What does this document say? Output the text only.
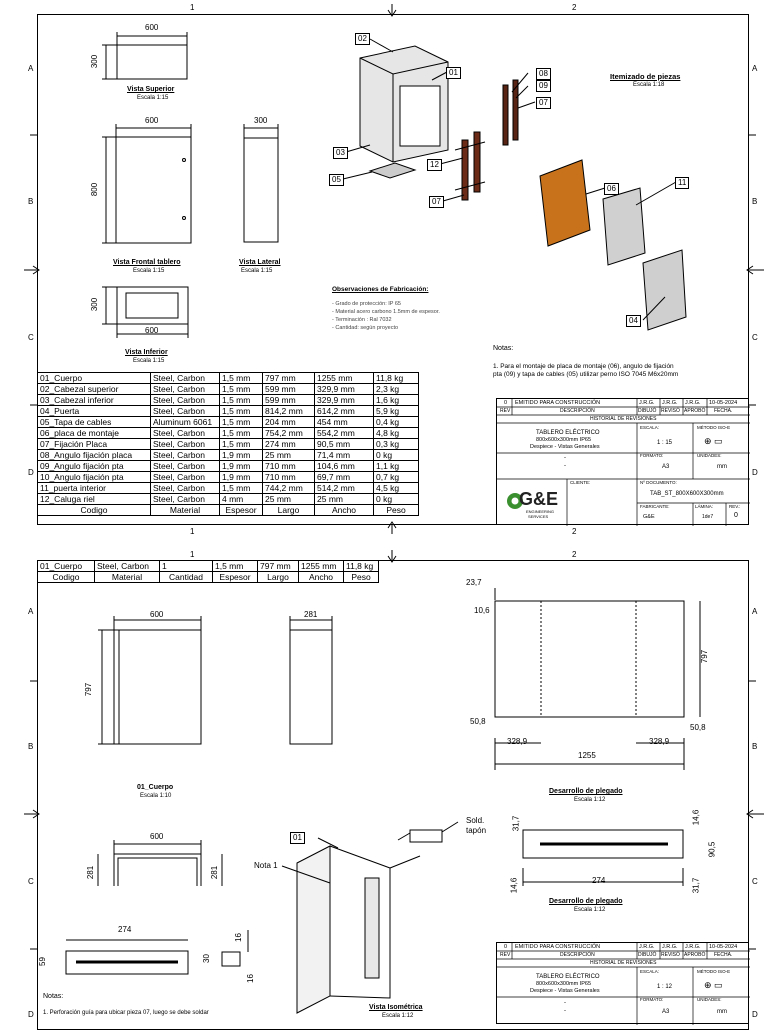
1	2
1	2
A
B
C
D
A
B
C
D
600
300
Vista Superior
Escala 1:15
600
800
Vista Frontal tablero
Escala 1:15
300
Vista Lateral
Escala 1:15
600
300
Vista Inferior
Escala 1:15
Itemizado de piezas
Escala 1:18
02
01	08
09
07
03
12
05
07
06
11
04
Observaciones de Fabricación:
- Grado de protección: IP 65
- Material acero carbono 1.5mm de espesor.
- Terminación : Ral 7032
- Cantidad: según proyecto
Notas:
1. Para el montaje de placa de montaje (06), angulo de fijación pta (09) y tapa de cables (05) utilizar perno ISO 7045 M6x20mm
01_Cuerpo	Steel, Carbon	1,5 mm	797 mm	1255 mm	11,8 kg
02_Cabezal superior	Steel, Carbon	1,5 mm	599 mm	329,9 mm	2,3 kg
03_Cabezal inferior	Steel, Carbon	1,5 mm	599 mm	329,9 mm	1,6 kg
04_Puerta	Steel, Carbon	1,5 mm	814,2 mm	614,2 mm	5,9 kg
05_Tapa de cables	Aluminum 6061	1,5 mm	204 mm	454 mm	0,4 kg
06_placa de montaje	Steel, Carbon	1,5 mm	754,2 mm	554,2 mm	4,8 kg
07_Fijación Placa	Steel, Carbon	1,5 mm	274 mm	90,5 mm	0,3 kg
08_Angulo fijación placa	Steel, Carbon	1,9 mm	25 mm	71,4 mm	0 kg
09_Angulo fijación pta	Steel, Carbon	1,9 mm	710 mm	104,6 mm	1,1 kg
10_Angulo fijación pta	Steel, Carbon	1,9 mm	710 mm	69,7 mm	0,7 kg
11_puerta interior	Steel, Carbon	1,5 mm	744,2 mm	514,2 mm	4,5 kg
12_Caluga riel	Steel, Carbon	4 mm	25 mm	25 mm	0 kg
Codigo	Material	Espesor	Largo	Ancho	Peso
0 EMITIDO PARA CONSTRUCCIÓN	J.R.G. J.R.G. J.R.G. 10-05-2024
REV	DESCRIPCIÓN	DIBUJÓ REVISÓ APROBÓ FECHA.
HISTORIAL DE REVISIONES
TABLERO ELÉCTRICO
800x600x300mm IP65
Despiece - Vistas Generales
ESCALA:
1 : 15
MÉTODO ISO-E
⊕ ▭
FORMATO:
A3
UNIDADES:
mm
-
-
CLIENTE:	Nº DOCUMENTO:
TAB_ST_800X600X300mm
FABRICANTE:
G&E
LÁMINA:
1de7
REV.:
0
G&E
ENGINEERING
SERVICES
1	2
A
B
C
D
A
B
C
D
01_Cuerpo	Steel, Carbon	1	1,5 mm	797 mm	1255 mm	11,8 kg
Codigo	Material	Cantidad	Espesor	Largo	Ancho	Peso
600
797
01_Cuerpo
Escala 1:10
281
600
281	281
23,7
10,6
797
50,8
50,8
328,9	328,9
1255
Desarrollo de plegado
Escala 1:12
31,7	14,6
90,5
14,6	274	31,7
Desarrollo de plegado
Escala 1:12
Nota 1
01
Sold.
tapón
Vista Isométrica
Escala 1:12
274
59
16
30
16
Notas:
1. Perforación guía para ubicar pieza 07, luego se debe soldar
0 EMITIDO PARA CONSTRUCCIÓN	J.R.G. J.R.G. J.R.G. 10-05-2024
REV	DESCRIPCIÓN	DIBUJÓ REVISÓ APROBÓ FECHA.
HISTORIAL DE REVISIONES
TABLERO ELÉCTRICO
800x600x300mm IP65
Despiece - Vistas Generales
ESCALA:
1 : 12
MÉTODO ISO-E
⊕ ▭
FORMATO:
A3
UNIDADES:
mm
-
-
